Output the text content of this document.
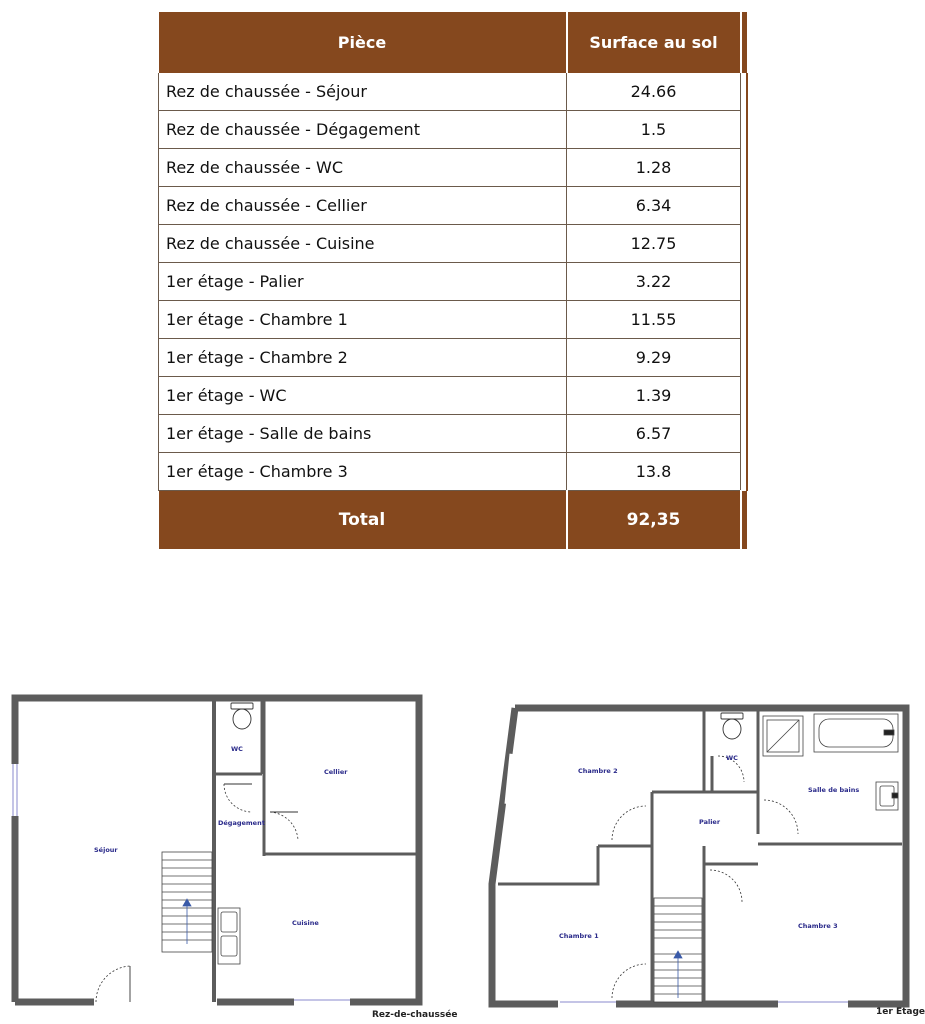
Pièce	Surface au sol	
Rez de chaussée - Séjour	24.66	
Rez de chaussée - Dégagement	1.5	
Rez de chaussée - WC	1.28	
Rez de chaussée - Cellier	6.34	
Rez de chaussée - Cuisine	12.75	
1er étage - Palier	3.22	
1er étage - Chambre 1	11.55	
1er étage - Chambre 2	9.29	
1er étage - WC	1.39	
1er étage - Salle de bains	6.57	
1er étage - Chambre 3	13.8	
Total	92,35	
Séjour
WC
Cellier
Dégagement
Cuisine
Rez-de-chaussée
Chambre 2
WC
Salle de bains
Palier
Chambre 1
Chambre 3
1er Etage
